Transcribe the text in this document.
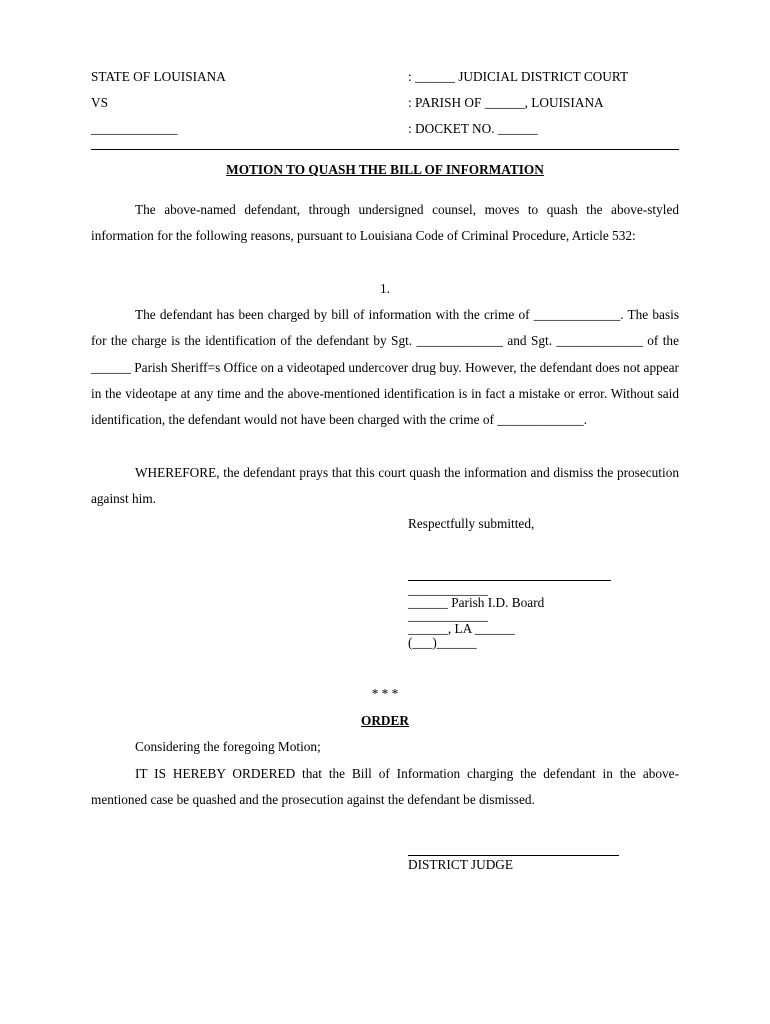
STATE OF LOUISIANA
VS
_____________
: ______ JUDICIAL DISTRICT COURT
: PARISH OF ______, LOUISIANA
: DOCKET NO. ______
MOTION TO QUASH THE BILL OF INFORMATION
The above-named defendant, through undersigned counsel, moves to quash the above-styled information for the following reasons, pursuant to Louisiana Code of Criminal Procedure, Article 532:
1.
The defendant has been charged by bill of information with the crime of _____________. The basis for the charge is the identification of the defendant by Sgt. _____________ and Sgt. _____________ of the ______ Parish Sheriff=s Office on a videotaped undercover drug buy. However, the defendant does not appear in the videotape at any time and the above-mentioned identification is in fact a mistake or error. Without said identification, the defendant would not have been charged with the crime of _____________.
WHEREFORE, the defendant prays that this court quash the information and dismiss the prosecution against him.
Respectfully submitted,
____________
______ Parish I.D. Board
____________
______, LA ______
(___)______
* * *
ORDER
Considering the foregoing Motion;
IT IS HEREBY ORDERED that the Bill of Information charging the defendant in the above-mentioned case be quashed and the prosecution against the defendant be dismissed.
DISTRICT JUDGE
